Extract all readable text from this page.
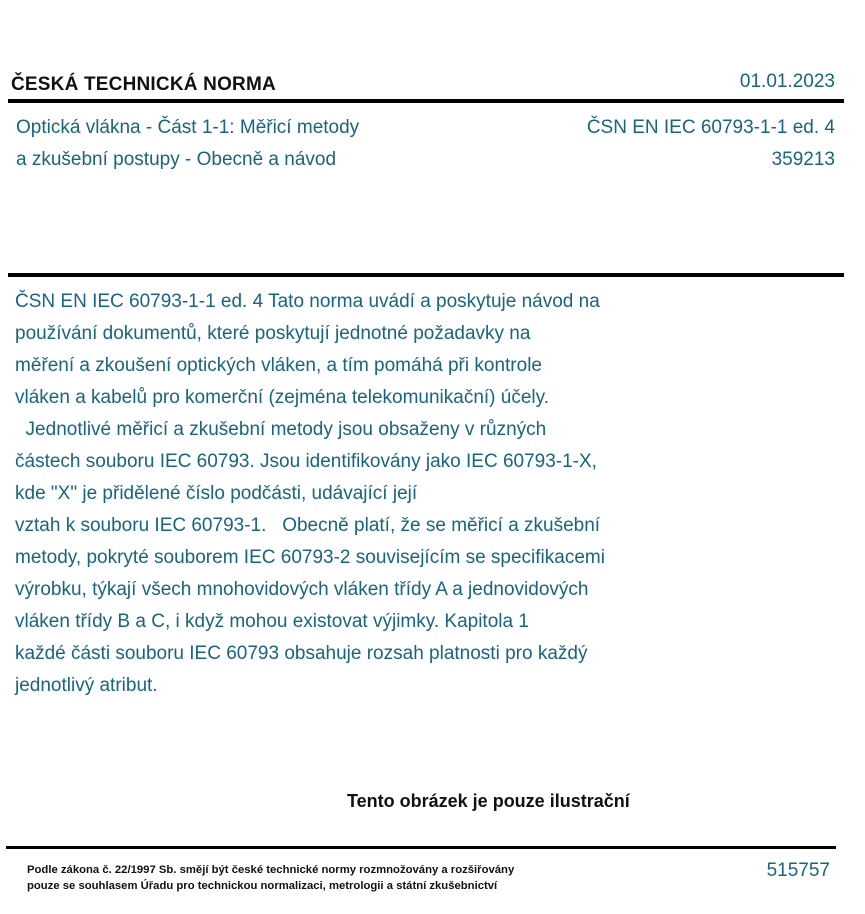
ČESKÁ TECHNICKÁ NORMA	01.01.2023
Optická vlákna - Část 1-1: Měřicí metody
a zkušební postupy - Obecně a návod
ČSN EN IEC 60793-1-1 ed. 4
359213
ČSN EN IEC 60793-1-1 ed. 4 Tato norma uvádí a poskytuje návod na
používání dokumentů, které poskytují jednotné požadavky na
měření a zkoušení optických vláken, a tím pomáhá při kontrole
vláken a kabelů pro komerční (zejména telekomunikační) účely.
Jednotlivé měřicí a zkušební metody jsou obsaženy v různých
částech souboru IEC 60793. Jsou identifikovány jako IEC 60793-1-X,
kde "X" je přidělené číslo podčásti, udávající její
vztah k souboru IEC 60793-1.   Obecně platí, že se měřicí a zkušební
metody, pokryté souborem IEC 60793-2 souvisejícím se specifikacemi
výrobku, týkají všech mnohovidových vláken třídy A a jednovidových
vláken třídy B a C, i když mohou existovat výjimky. Kapitola 1
každé části souboru IEC 60793 obsahuje rozsah platnosti pro každý
jednotlivý atribut.
Tento obrázek je pouze ilustrační
Podle zákona č. 22/1997 Sb. smějí být české technické normy rozmnožovány a rozšiřovány
pouze se souhlasem Úřadu pro technickou normalizaci, metrologii a státní zkušebnictví
515757
